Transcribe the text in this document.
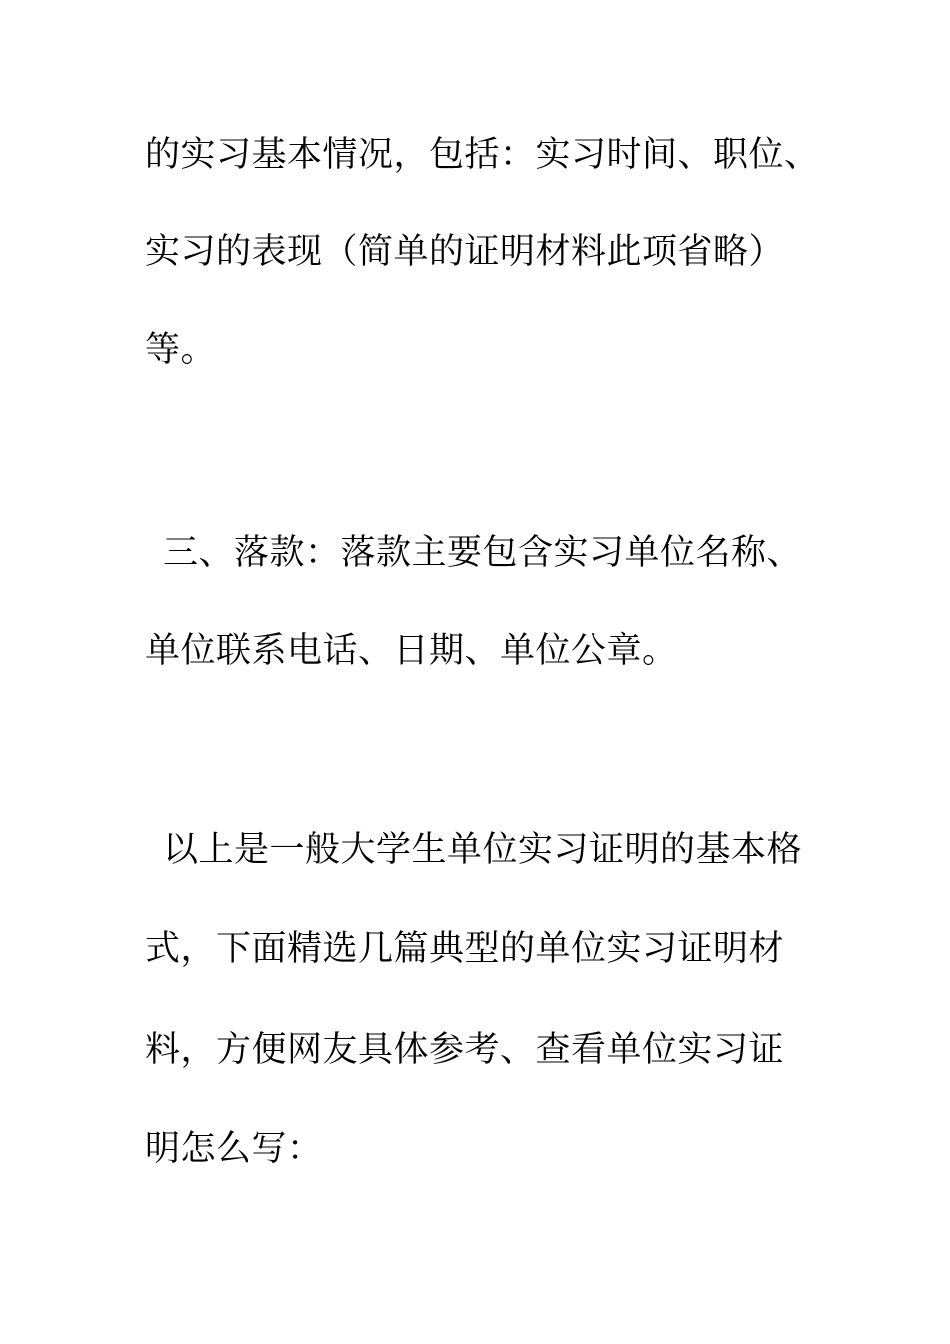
的实习基本情况，包括：实习时间、职位、
实习的表现（简单的证明材料此项省略）
等。
三、落款：落款主要包含实习单位名称、
单位联系电话、日期、单位公章。
以上是一般大学生单位实习证明的基本格
式，下面精选几篇典型的单位实习证明材
料，方便网友具体参考、查看单位实习证
明怎么写：
